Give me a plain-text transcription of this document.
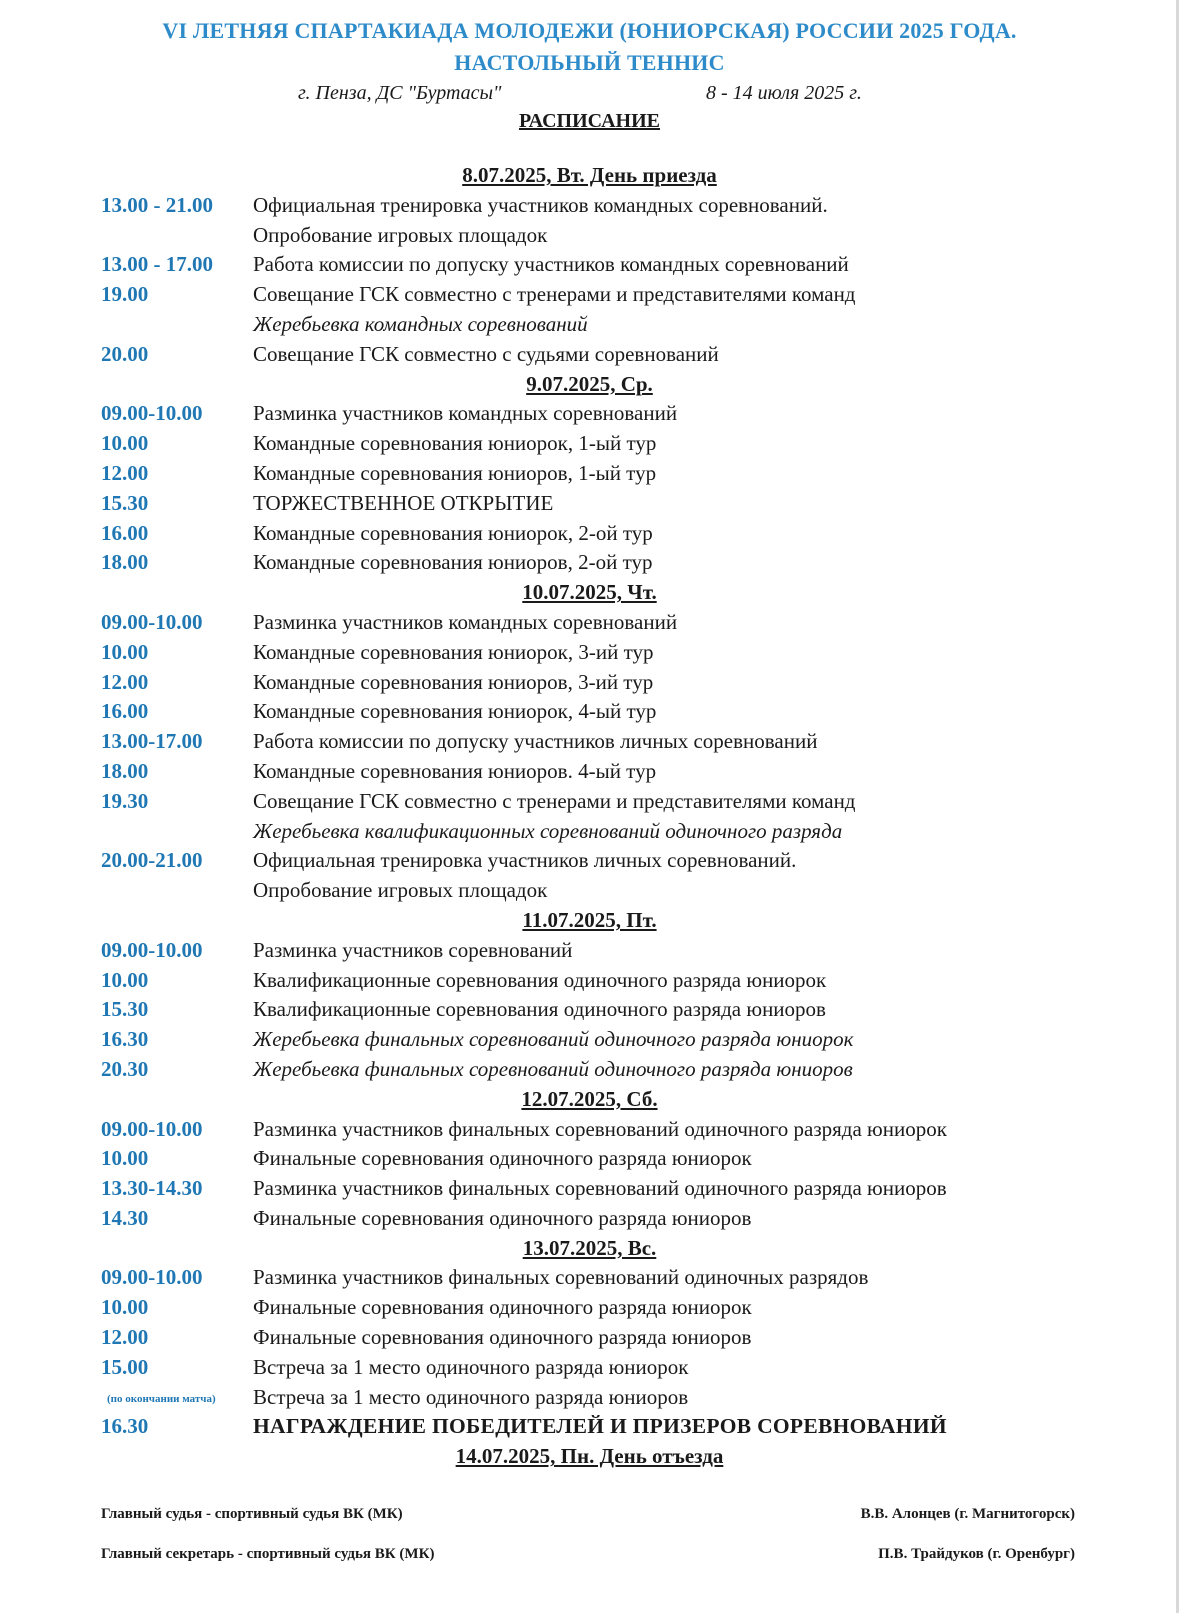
VI ЛЕТНЯЯ СПАРТАКИАДА МОЛОДЕЖИ (ЮНИОРСКАЯ) РОССИИ 2025 ГОДА.
НАСТОЛЬНЫЙ ТЕННИС
г. Пенза, ДС "Буртасы"	8 - 14 июля 2025 г.
РАСПИСАНИЕ
8.07.2025, Вт. День приезда
13.00 - 21.00 Официальная тренировка участников командных соревнований.
Опробование игровых площадок
13.00 - 17.00 Работа комиссии по допуску участников командных соревнований
19.00	Совещание ГСК совместно с тренерами и представителями команд
Жеребьевка командных соревнований
20.00	Совещание ГСК совместно с судьями соревнований
9.07.2025, Ср.
09.00-10.00 Разминка участников командных соревнований
10.00	Командные соревнования юниорок, 1-ый тур
12.00	Командные соревнования юниоров, 1-ый тур
15.30	ТОРЖЕСТВЕННОЕ ОТКРЫТИЕ
16.00	Командные соревнования юниорок, 2-ой тур
18.00	Командные соревнования юниоров, 2-ой тур
10.07.2025, Чт.
09.00-10.00 Разминка участников командных соревнований
10.00	Командные соревнования юниорок, 3-ий тур
12.00	Командные соревнования юниоров, 3-ий тур
16.00	Командные соревнования юниорок, 4-ый тур
13.00-17.00 Работа комиссии по допуску участников личных соревнований
18.00	Командные соревнования юниоров. 4-ый тур
19.30	Совещание ГСК совместно с тренерами и представителями команд
Жеребьевка квалификационных соревнований одиночного разряда
20.00-21.00 Официальная тренировка участников личных соревнований.
Опробование игровых площадок
11.07.2025, Пт.
09.00-10.00 Разминка участников соревнований
10.00	Квалификационные соревнования одиночного разряда юниорок
15.30	Квалификационные соревнования одиночного разряда юниоров
16.30	Жеребьевка финальных соревнований одиночного разряда юниорок
20.30	Жеребьевка финальных соревнований одиночного разряда юниоров
12.07.2025, Сб.
09.00-10.00 Разминка участников финальных соревнований одиночного разряда юниорок
10.00	Финальные соревнования одиночного разряда юниорок
13.30-14.30 Разминка участников финальных соревнований одиночного разряда юниоров
14.30	Финальные соревнования одиночного разряда юниоров
13.07.2025, Вс.
09.00-10.00 Разминка участников финальных соревнований одиночных разрядов
10.00	Финальные соревнования одиночного разряда юниорок
12.00	Финальные соревнования одиночного разряда юниоров
15.00	Встреча за 1 место одиночного разряда юниорок
(по окончании матча) Встреча за 1 место одиночного разряда юниоров
16.30	НАГРАЖДЕНИЕ ПОБЕДИТЕЛЕЙ И ПРИЗЕРОВ СОРЕВНОВАНИЙ
14.07.2025, Пн. День отъезда
Главный судья - спортивный судья ВК (МК)	В.В. Алонцев (г. Магнитогорск)
Главный секретарь - спортивный судья ВК (МК)	П.В. Трайдуков (г. Оренбург)
